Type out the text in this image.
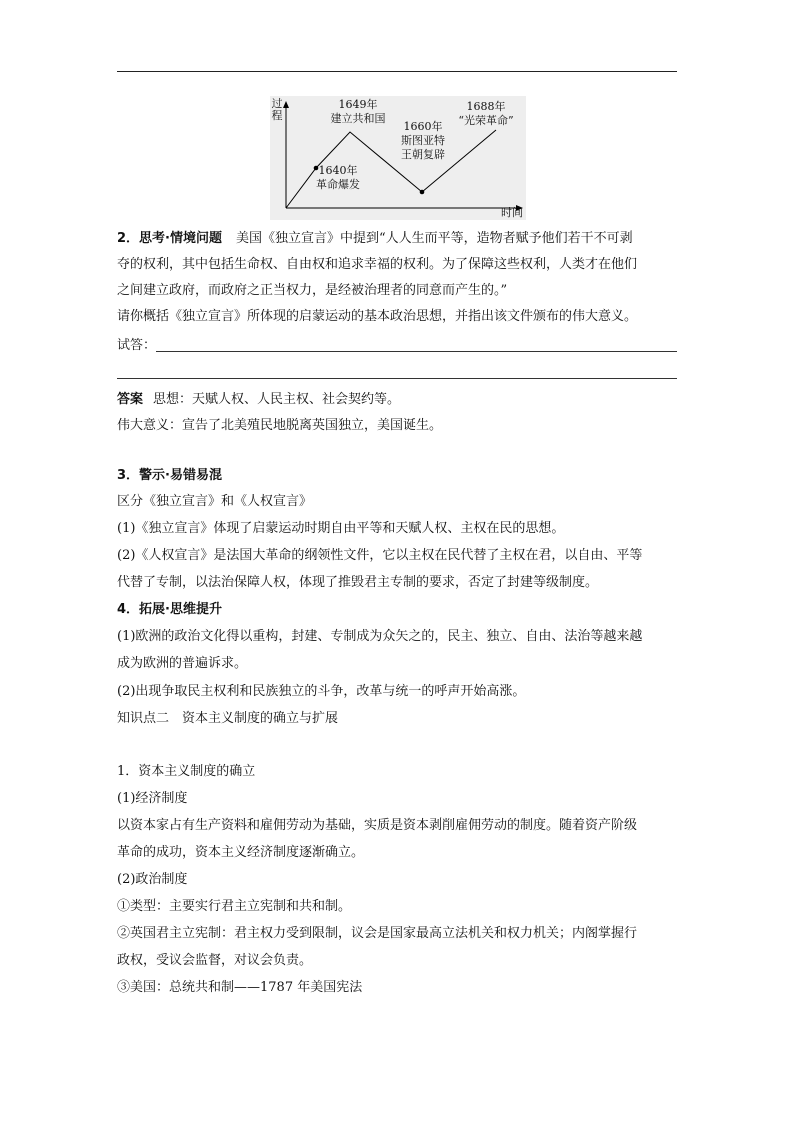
过程
1649年
建立共和国
1640年
革命爆发
1660年
斯图亚特
王朝复辟
1688年
“光荣革命”
时间
2．思考·情境问题 美国《独立宣言》中提到“人人生而平等，造物者赋予他们若干不可剥
夺的权利，其中包括生命权、自由权和追求幸福的权利。为了保障这些权利，人类才在他们
之间建立政府，而政府之正当权力，是经被治理者的同意而产生的。”
请你概括《独立宣言》所体现的启蒙运动的基本政治思想，并指出该文件颁布的伟大意义。
试答：
答案 思想：天赋人权、人民主权、社会契约等。
伟大意义：宣告了北美殖民地脱离英国独立，美国诞生。
3．警示·易错易混
区分《独立宣言》和《人权宣言》
(1)《独立宣言》体现了启蒙运动时期自由平等和天赋人权、主权在民的思想。
(2)《人权宣言》是法国大革命的纲领性文件，它以主权在民代替了主权在君，以自由、平等
代替了专制，以法治保障人权，体现了推毁君主专制的要求，否定了封建等级制度。
4．拓展·思维提升
(1)欧洲的政治文化得以重构，封建、专制成为众矢之的，民主、独立、自由、法治等越来越
成为欧洲的普遍诉求。
(2)出现争取民主权利和民族独立的斗争，改革与统一的呼声开始高涨。
知识点二　资本主义制度的确立与扩展
1．资本主义制度的确立
(1)经济制度
以资本家占有生产资料和雇佣劳动为基础，实质是资本剥削雇佣劳动的制度。随着资产阶级
革命的成功，资本主义经济制度逐渐确立。
(2)政治制度
①类型：主要实行君主立宪制和共和制。
②英国君主立宪制：君主权力受到限制，议会是国家最高立法机关和权力机关；内阁掌握行
政权，受议会监督，对议会负责。
③美国：总统共和制——1787 年美国宪法
